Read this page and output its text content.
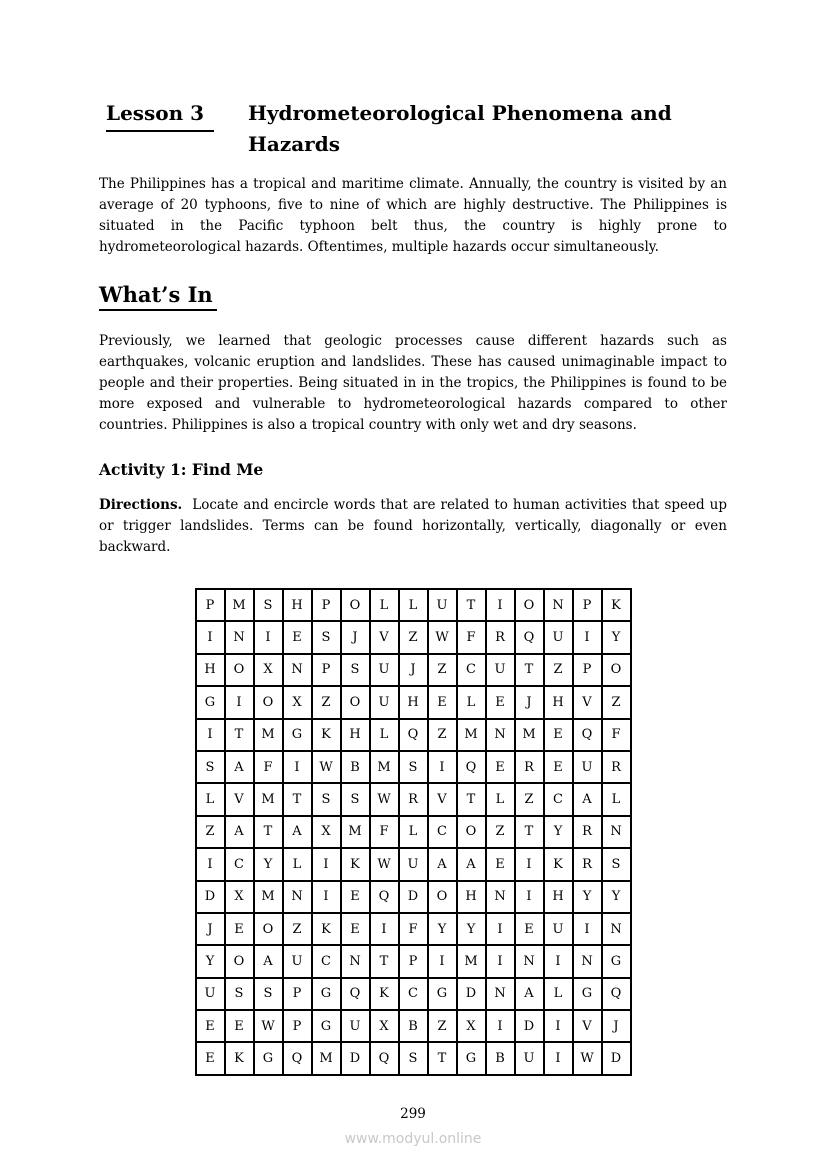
Lesson 3	Hydrometeorological Phenomena and Hazards

The Philippines has a tropical and maritime climate. Annually, the country is visited by an average of 20 typhoons, five to nine of which are highly destructive. The Philippines is situated in the Pacific typhoon belt thus, the country is highly prone to hydrometeorological hazards. Oftentimes, multiple hazards occur simultaneously.

What’s In

Previously, we learned that geologic processes cause different hazards such as earthquakes, volcanic eruption and landslides. These has caused unimaginable impact to people and their properties. Being situated in in the tropics, the Philippines is found to be more exposed and vulnerable to hydrometeorological hazards compared to other countries. Philippines is also a tropical country with only wet and dry seasons.

Activity 1: Find Me

Directions. Locate and encircle words that are related to human activities that speed up or trigger landslides. Terms can be found horizontally, vertically, diagonally or even backward.

P	M	S	H	P	O	L	L	U	T	I	O	N	P	K
I	N	I	E	S	J	V	Z	W	F	R	Q	U	I	Y
H	O	X	N	P	S	U	J	Z	C	U	T	Z	P	O
G	I	O	X	Z	O	U	H	E	L	E	J	H	V	Z
I	T	M	G	K	H	L	Q	Z	M	N	M	E	Q	F
S	A	F	I	W	B	M	S	I	Q	E	R	E	U	R
L	V	M	T	S	S	W	R	V	T	L	Z	C	A	L
Z	A	T	A	X	M	F	L	C	O	Z	T	Y	R	N
I	C	Y	L	I	K	W	U	A	A	E	I	K	R	S
D	X	M	N	I	E	Q	D	O	H	N	I	H	Y	Y
J	E	O	Z	K	E	I	F	Y	Y	I	E	U	I	N
Y	O	A	U	C	N	T	P	I	M	I	N	I	N	G
U	S	S	P	G	Q	K	C	G	D	N	A	L	G	Q
E	E	W	P	G	U	X	B	Z	X	I	D	I	V	J
E	K	G	Q	M	D	Q	S	T	G	B	U	I	W	D
299
www.modyul.online
